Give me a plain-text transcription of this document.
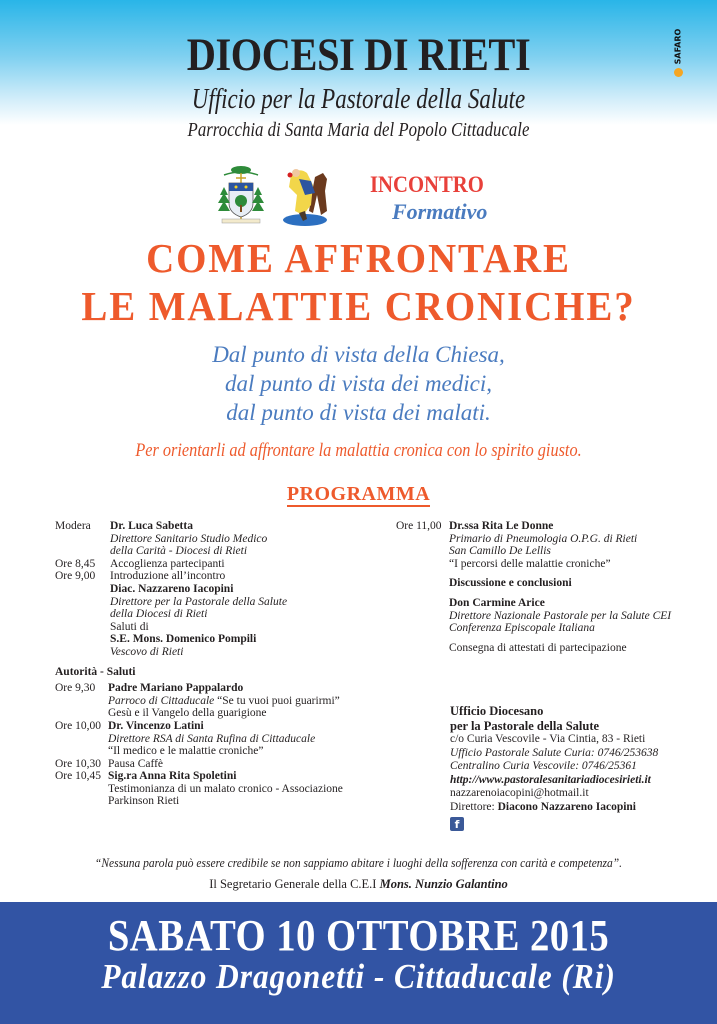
SAFARO
DIOCESI DI RIETI
Ufficio per la Pastorale della Salute
Parrocchia di Santa Maria del Popolo Cittaducale
INCONTRO
Formativo
COME AFFRONTARE
LE MALATTIE CRONICHE?
Dal punto di vista della Chiesa,
dal punto di vista dei medici,
dal punto di vista dei malati.
Per orientarli ad affrontare la malattia cronica con lo spirito giusto.
PROGRAMMA
Modera	Dr. Luca Sabetta
Direttore Sanitario Studio Medico
della Carità - Diocesi di Rieti
Ore 8,45	Accoglienza partecipanti
Ore 9,00	Introduzione all’incontro
Diac. Nazzareno Iacopini
Direttore per la Pastorale della Salute
della Diocesi di Rieti
Saluti di
S.E. Mons. Domenico Pompili
Vescovo di Rieti
Autorità - Saluti
Ore 9,30	Padre Mariano Pappalardo
Parroco di Cittaducale “Se tu vuoi puoi guarirmi”
Gesù e il Vangelo della guarigione
Ore 10,00 Dr. Vincenzo Latini
Direttore RSA di Santa Rufina di Cittaducale
“Il medico e le malattie croniche”
Ore 10,30 Pausa Caffè
Ore 10,45 Sig.ra Anna Rita Spoletini
Testimonianza di un malato cronico - Associazione
Parkinson Rieti
Ore 11,00 Dr.ssa Rita Le Donne
Primario di Pneumologia O.P.G. di Rieti
San Camillo De Lellis
“I percorsi delle malattie croniche”
Discussione e conclusioni
Don Carmine Arice
Direttore Nazionale Pastorale per la Salute CEI
Conferenza Episcopale Italiana
Consegna di attestati di partecipazione
Ufficio Diocesano
per la Pastorale della Salute
c/o Curia Vescovile - Via Cintia, 83 - Rieti
Ufficio Pastorale Salute Curia: 0746/253638
Centralino Curia Vescovile: 0746/25361
http://www.pastoralesanitariadiocesirieti.it
nazzarenoiacopini@hotmail.it
Direttore: Diacono Nazzareno Iacopini
f
“Nessuna parola può essere credibile se non sappiamo abitare i luoghi della sofferenza con carità e competenza”.
Il Segretario Generale della C.E.I Mons. Nunzio Galantino
SABATO 10 OTTOBRE 2015
Palazzo Dragonetti - Cittaducale (Ri)
